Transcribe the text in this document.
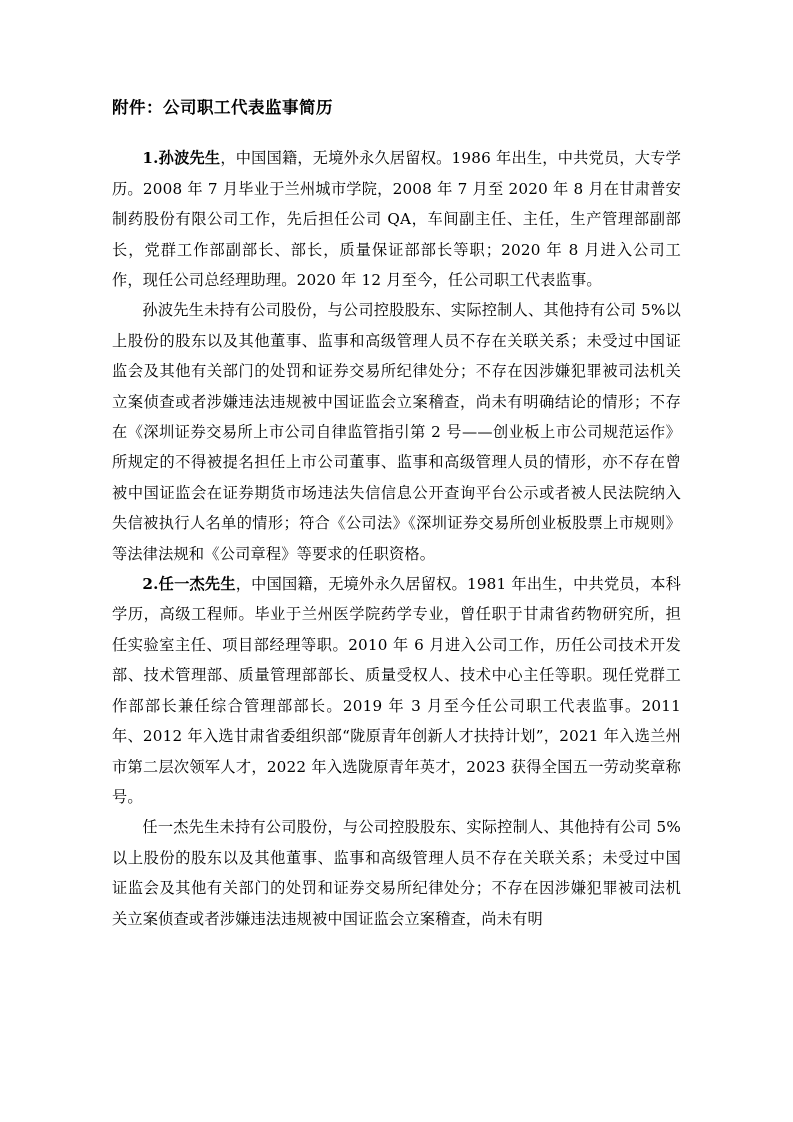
附件：公司职工代表监事简历

1.孙波先生，中国国籍，无境外永久居留权。1986 年出生，中共党员，大专学历。2008 年 7 月毕业于兰州城市学院，2008 年 7 月至 2020 年 8 月在甘肃普安制药股份有限公司工作，先后担任公司 QA，车间副主任、主任，生产管理部副部长，党群工作部副部长、部长，质量保证部部长等职；2020 年 8 月进入公司工作，现任公司总经理助理。2020 年 12 月至今，任公司职工代表监事。

孙波先生未持有公司股份，与公司控股股东、实际控制人、其他持有公司 5%以上股份的股东以及其他董事、监事和高级管理人员不存在关联关系；未受过中国证监会及其他有关部门的处罚和证券交易所纪律处分；不存在因涉嫌犯罪被司法机关立案侦查或者涉嫌违法违规被中国证监会立案稽查，尚未有明确结论的情形；不存在《深圳证券交易所上市公司自律监管指引第 2 号——创业板上市公司规范运作》所规定的不得被提名担任上市公司董事、监事和高级管理人员的情形，亦不存在曾被中国证监会在证券期货市场违法失信信息公开查询平台公示或者被人民法院纳入失信被执行人名单的情形；符合《公司法》《深圳证券交易所创业板股票上市规则》等法律法规和《公司章程》等要求的任职资格。

2.任一杰先生，中国国籍，无境外永久居留权。1981 年出生，中共党员，本科学历，高级工程师。毕业于兰州医学院药学专业，曾任职于甘肃省药物研究所，担任实验室主任、项目部经理等职。2010 年 6 月进入公司工作，历任公司技术开发部、技术管理部、质量管理部部长、质量受权人、技术中心主任等职。现任党群工作部部长兼任综合管理部部长。2019 年 3 月至今任公司职工代表监事。2011 年、2012 年入选甘肃省委组织部“陇原青年创新人才扶持计划”，2021 年入选兰州市第二层次领军人才，2022 年入选陇原青年英才，2023 获得全国五一劳动奖章称号。

任一杰先生未持有公司股份，与公司控股股东、实际控制人、其他持有公司 5%以上股份的股东以及其他董事、监事和高级管理人员不存在关联关系；未受过中国证监会及其他有关部门的处罚和证券交易所纪律处分；不存在因涉嫌犯罪被司法机关立案侦查或者涉嫌违法违规被中国证监会立案稽查，尚未有明
